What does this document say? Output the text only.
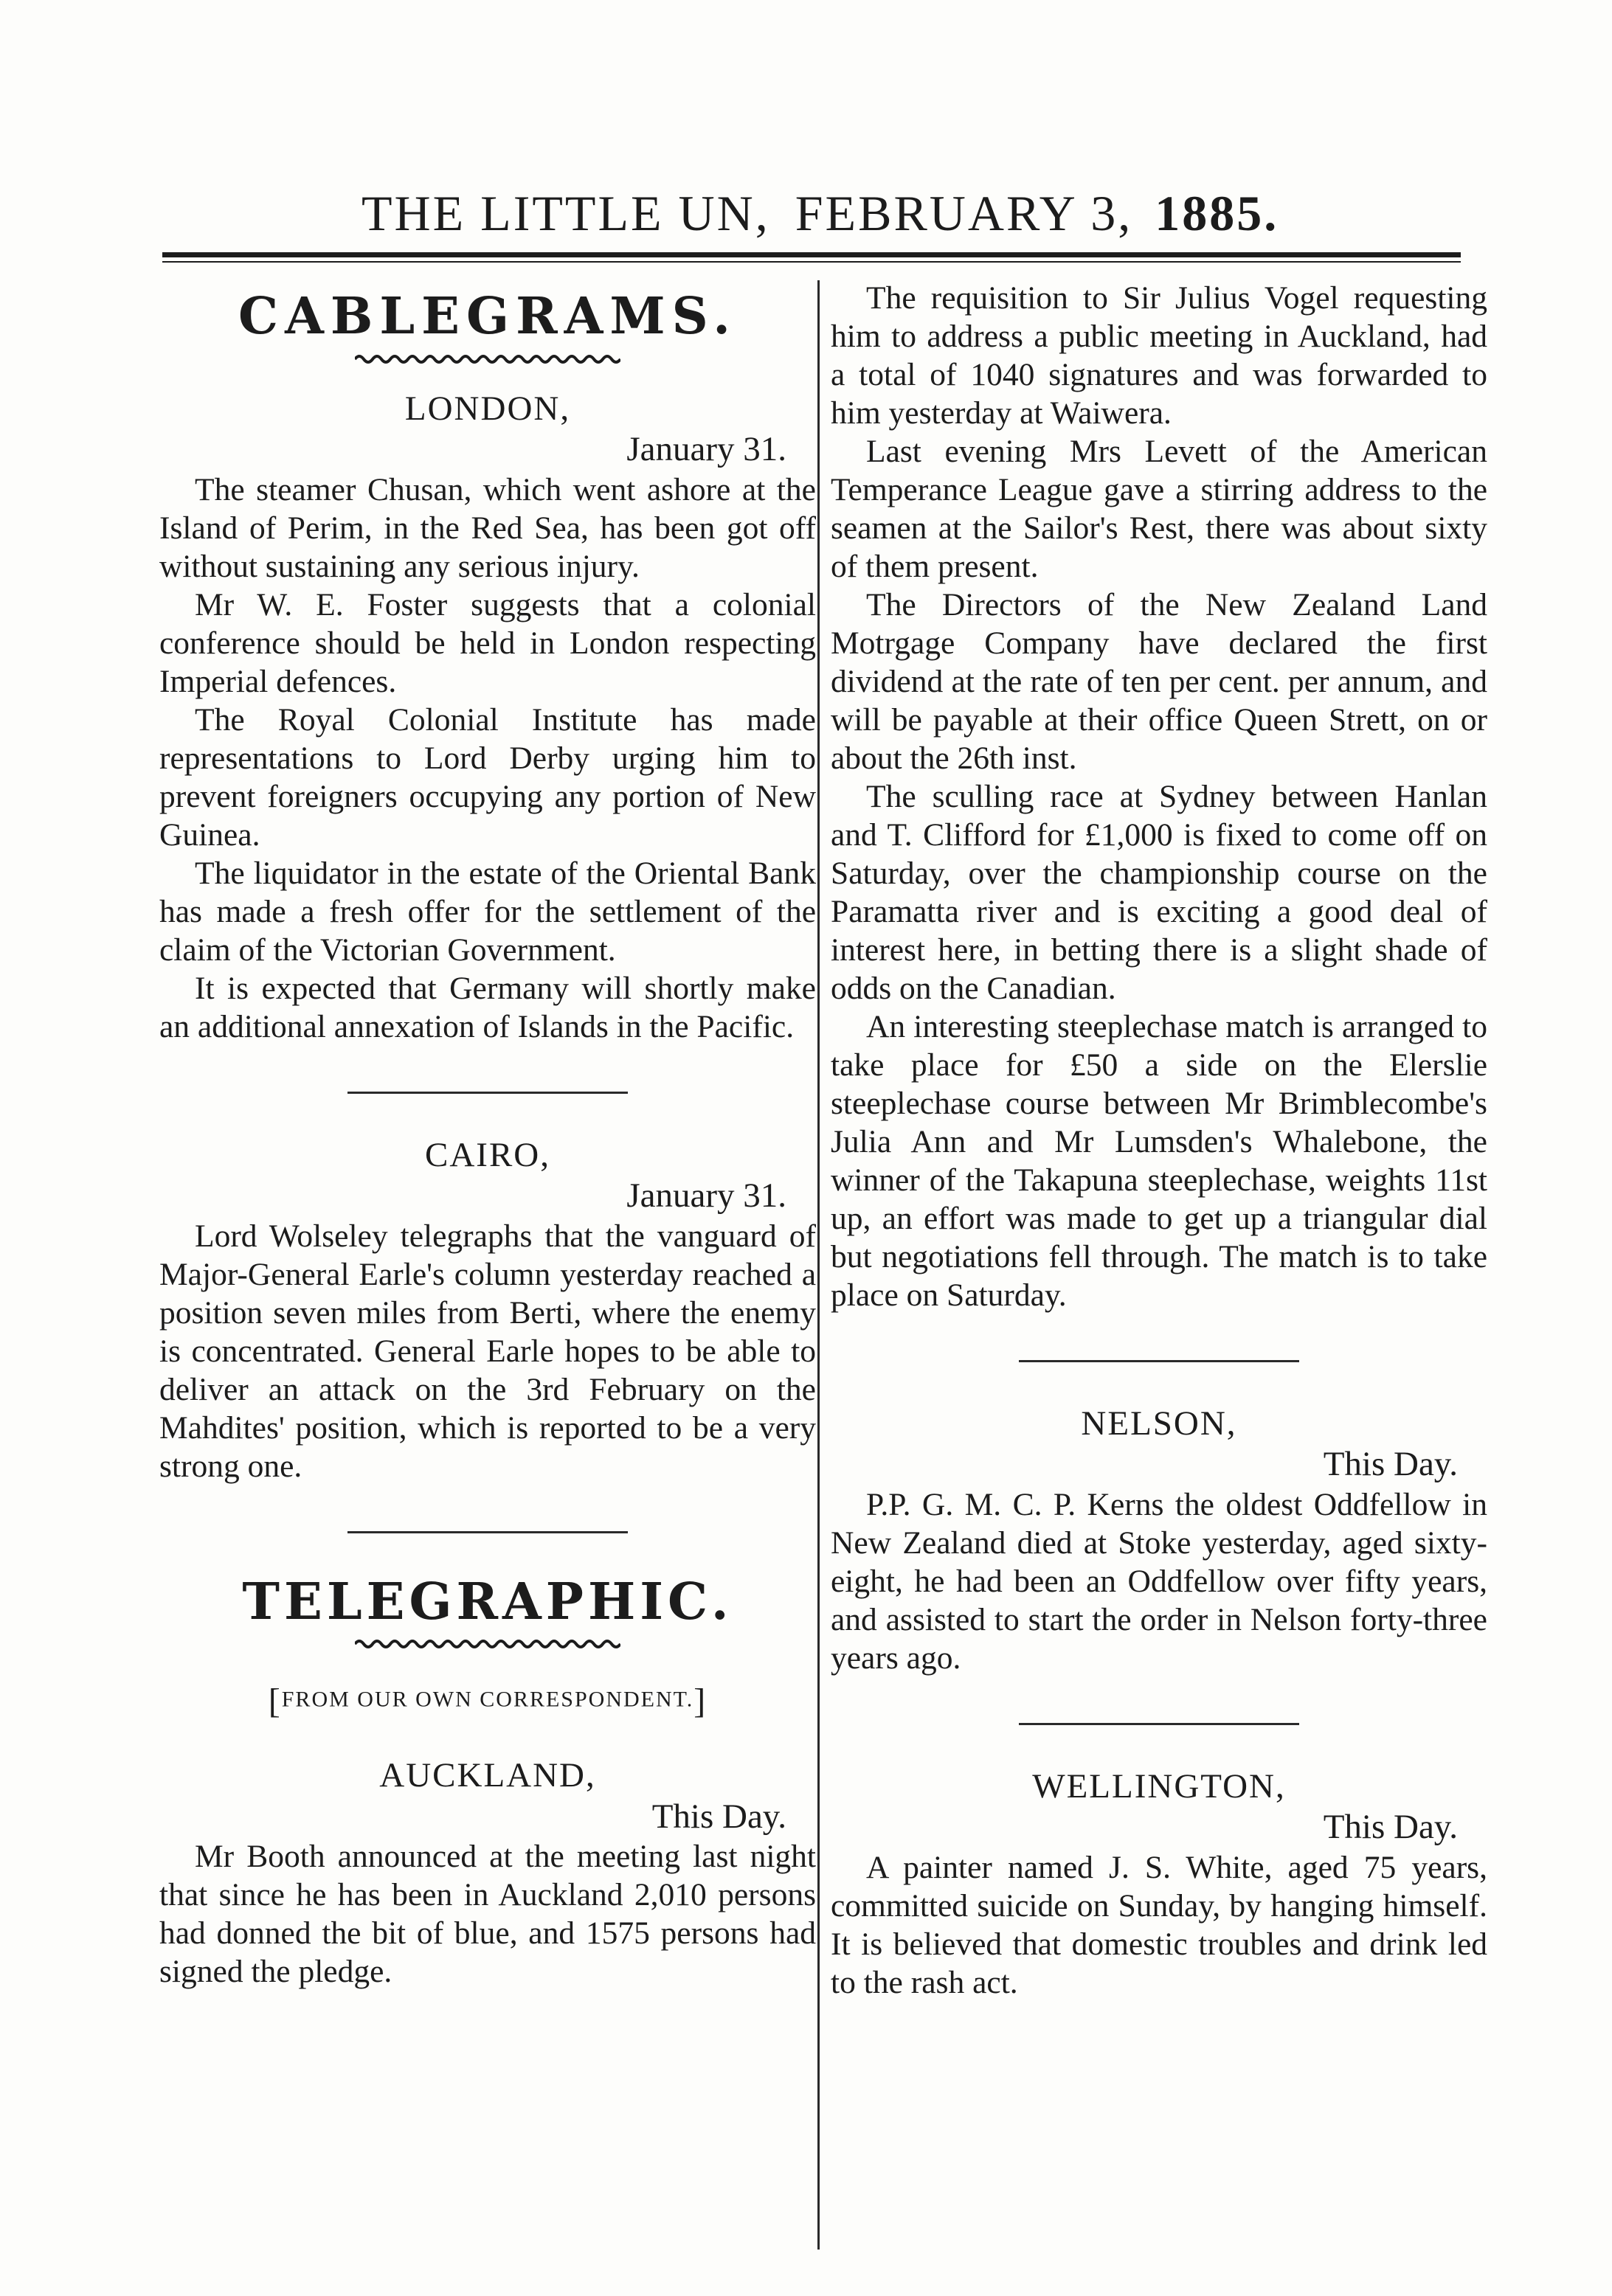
THE LITTLE UN, FEBRUARY 3, 1885.
CABLEGRAMS.
LONDON,
January 31.

The steamer Chusan, which went ashore at the Island of Perim, in the Red Sea, has been got off without sustaining any serious injury.

Mr W. E. Foster suggests that a colonial conference should be held in London respecting Imperial defences.

The Royal Colonial Institute has made representations to Lord Derby urging him to prevent foreigners occupying any portion of New Guinea.

The liquidator in the estate of the Oriental Bank has made a fresh offer for the settlement of the claim of the Victorian Government.

It is expected that Germany will shortly make an additional annexation of Islands in the Pacific.

CAIRO,
January 31.

Lord Wolseley telegraphs that the vanguard of Major-General Earle's column yesterday reached a position seven miles from Berti, where the enemy is concentrated. General Earle hopes to be able to deliver an attack on the 3rd February on the Mahdites' position, which is reported to be a very strong one.

TELEGRAPHIC.
[FROM OUR OWN CORRESPONDENT.]
AUCKLAND,
This Day.

Mr Booth announced at the meeting last night that since he has been in Auckland 2,010 persons had donned the bit of blue, and 1575 persons had signed the pledge.

The requisition to Sir Julius Vogel requesting him to address a public meeting in Auckland, had a total of 1040 signatures and was forwarded to him yesterday at Waiwera.

Last evening Mrs Levett of the American Temperance League gave a stirring address to the seamen at the Sailor's Rest, there was about sixty of them present.

The Directors of the New Zealand Land Motrgage Company have declared the first dividend at the rate of ten per cent. per annum, and will be payable at their office Queen Strett, on or about the 26th inst.

The sculling race at Sydney between Hanlan and T. Clifford for £1,000 is fixed to come off on Saturday, over the championship course on the Paramatta river and is exciting a good deal of interest here, in betting there is a slight shade of odds on the Canadian.

An interesting steeplechase match is arranged to take place for £50 a side on the Elerslie steeplechase course between Mr Brimblecombe's Julia Ann and Mr Lumsden's Whalebone, the winner of the Takapuna steeplechase, weights 11st up, an effort was made to get up a triangular dial but negotiations fell through. The match is to take place on Saturday.

NELSON,
This Day.

P.P. G. M. C. P. Kerns the oldest Oddfellow in New Zealand died at Stoke yesterday, aged sixty-eight, he had been an Oddfellow over fifty years, and assisted to start the order in Nelson forty-three years ago.

WELLINGTON,
This Day.

A painter named J. S. White, aged 75 years, committed suicide on Sunday, by hanging himself. It is believed that domestic troubles and drink led to the rash act.
